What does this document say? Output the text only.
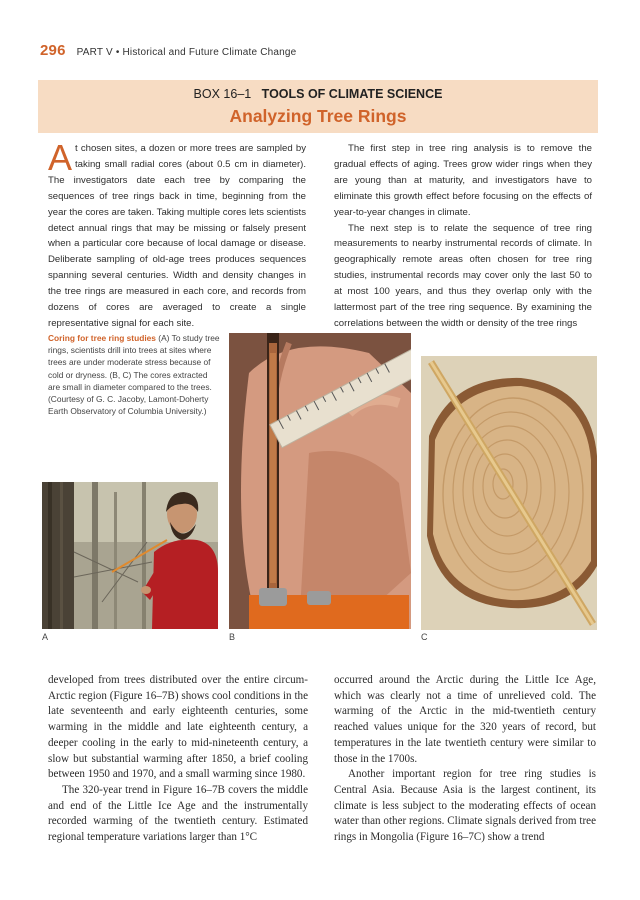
296 PART V • Historical and Future Climate Change
BOX 16–1 TOOLS OF CLIMATE SCIENCE
Analyzing Tree Rings

At chosen sites, a dozen or more trees are sampled by taking small radial cores (about 0.5 cm in diameter). The investigators date each tree by comparing the sequences of tree rings back in time, beginning from the year the cores are taken. Taking multiple cores lets scientists detect annual rings that may be missing or falsely present when a particular core because of local damage or disease. Deliberate sampling of old-age trees produces sequences spanning several centuries. Width and density changes in the tree rings are measured in each core, and records from dozens of cores are averaged to create a single representative signal for each site.

The first step in tree ring analysis is to remove the gradual effects of aging. Trees grow wider rings when they are young than at maturity, and investigators have to eliminate this growth effect before focusing on the effects of year-to-year changes in climate.

The next step is to relate the sequence of tree ring measurements to nearby instrumental records of climate. In geographically remote areas often chosen for tree ring studies, instrumental records may cover only the last 50 to at most 100 years, and thus they overlap only with the lattermost part of the tree ring sequence. By examining the correlations between the width or density of the tree rings

Coring for tree ring studies (A) To study tree rings, scientists drill into trees at sites where trees are under moderate stress because of cold or dryness. (B, C) The cores extracted are small in diameter compared to the trees. (Courtesy of G. C. Jacoby, Lamont-Doherty Earth Observatory of Columbia University.)
A	B	C

developed from trees distributed over the entire circum-Arctic region (Figure 16–7B) shows cool conditions in the late seventeenth and early eighteenth centuries, some warming in the middle and late eighteenth century, a deeper cooling in the early to mid-nineteenth century, a slow but substantial warming after 1850, a brief cooling between 1950 and 1970, and a small warming since 1980.

The 320-year trend in Figure 16–7B covers the middle and end of the Little Ice Age and the instrumentally recorded warming of the twentieth century. Estimated regional temperature variations larger than 1°C

occurred around the Arctic during the Little Ice Age, which was clearly not a time of unrelieved cold. The warming of the Arctic in the mid-twentieth century reached values unique for the 320 years of record, but temperatures in the late twentieth century were similar to those in the 1700s.

Another important region for tree ring studies is Central Asia. Because Asia is the largest continent, its climate is less subject to the moderating effects of ocean water than other regions. Climate signals derived from tree rings in Mongolia (Figure 16–7C) show a trend
